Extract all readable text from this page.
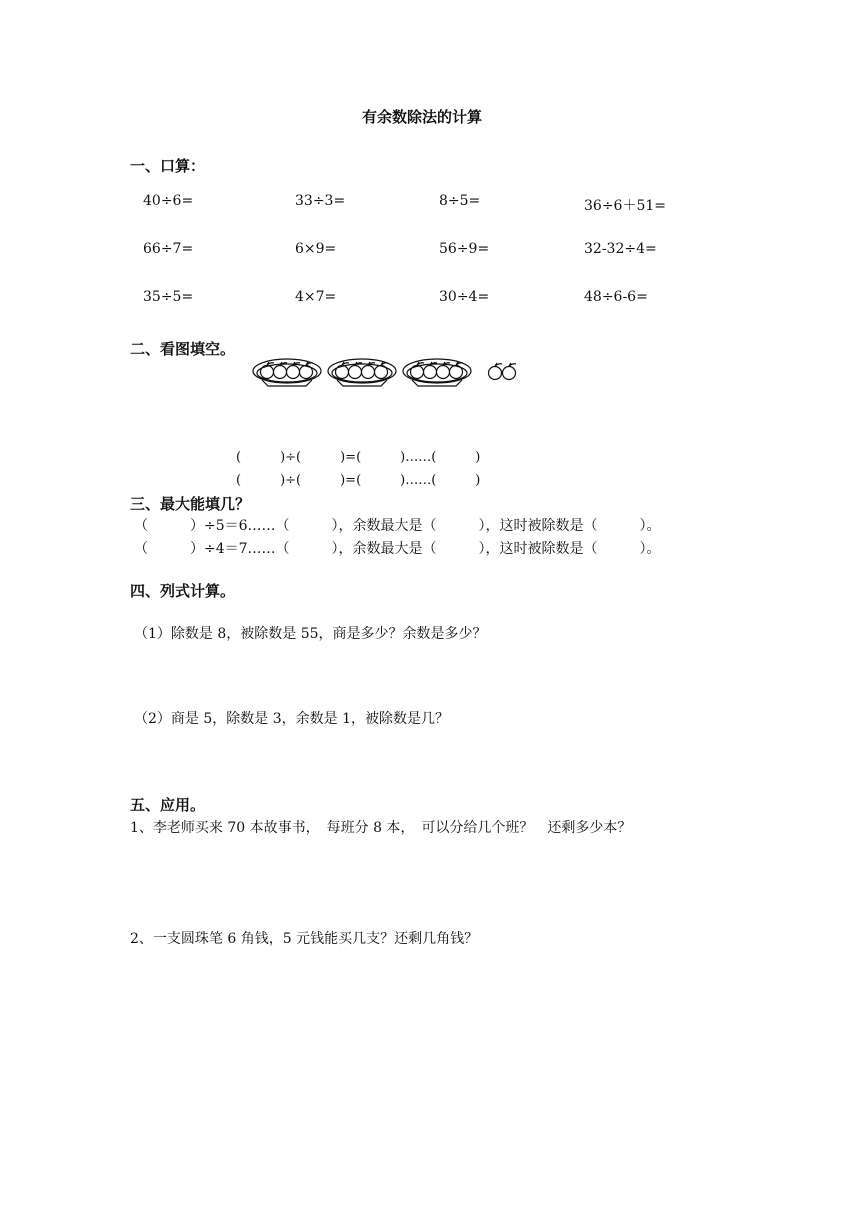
有余数除法的计算
一、口算：
40÷6=	33÷3=	8÷5=	36÷6＋51=
66÷7=	6×9=	56÷9=	32-32÷4=
35÷5=	4×7=	30÷4=	48÷6-6=
二、看图填空。
(　　　)÷(　　　)=(　　　)……(　　　)
(　　　)÷(　　　)=(　　　)……(　　　)
三、最大能填几？
（　　　）÷5＝6……（　　　），余数最大是（　　　），这时被除数是（　　　）。
（　　　）÷4＝7……（　　　），余数最大是（　　　），这时被除数是（　　　）。
四、列式计算。
（1）除数是 8，被除数是 55，商是多少？余数是多少？
（2）商是 5，除数是 3，余数是 1，被除数是几？
五、应用。
1、李老师买来 70 本故事书，　每班分 8 本，　可以分给几个班？　还剩多少本？
2、一支圆珠笔 6 角钱，5 元钱能买几支？还剩几角钱？
